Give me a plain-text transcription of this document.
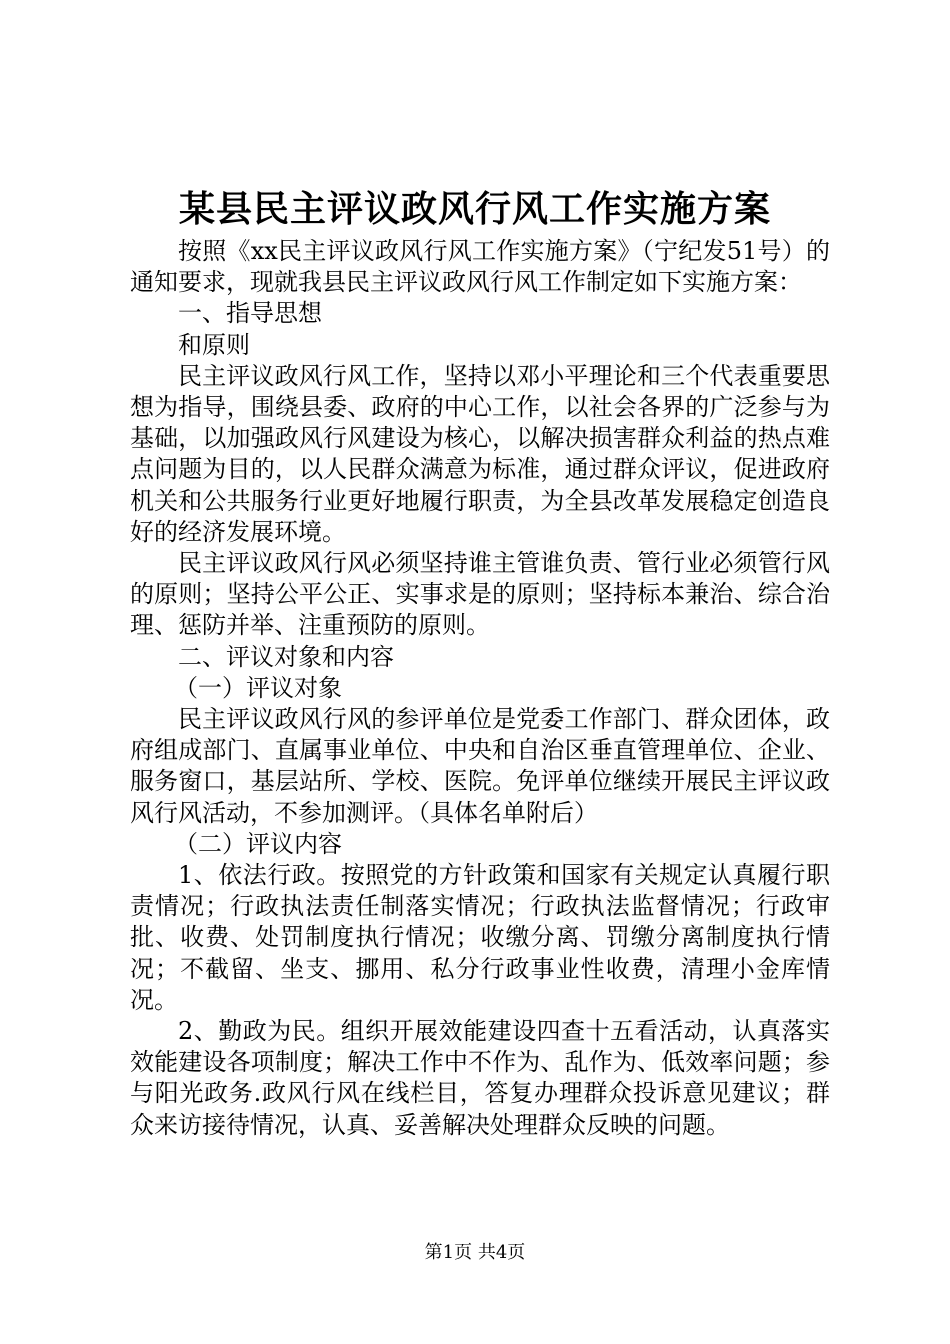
某县民主评议政风行风工作实施方案

按照《xx民主评议政风行风工作实施方案》（宁纪发51号）的通知要求，现就我县民主评议政风行风工作制定如下实施方案：

一、指导思想

和原则

民主评议政风行风工作，坚持以邓小平理论和三个代表重要思想为指导，围绕县委、政府的中心工作，以社会各界的广泛参与为基础，以加强政风行风建设为核心，以解决损害群众利益的热点难点问题为目的，以人民群众满意为标准，通过群众评议，促进政府机关和公共服务行业更好地履行职责，为全县改革发展稳定创造良好的经济发展环境。

民主评议政风行风必须坚持谁主管谁负责、管行业必须管行风的原则；坚持公平公正、实事求是的原则；坚持标本兼治、综合治理、惩防并举、注重预防的原则。

二、评议对象和内容

（一）评议对象

民主评议政风行风的参评单位是党委工作部门、群众团体，政府组成部门、直属事业单位、中央和自治区垂直管理单位、企业、服务窗口，基层站所、学校、医院。免评单位继续开展民主评议政风行风活动，不参加测评。（具体名单附后）

（二）评议内容

1、依法行政。按照党的方针政策和国家有关规定认真履行职责情况；行政执法责任制落实情况；行政执法监督情况；行政审批、收费、处罚制度执行情况；收缴分离、罚缴分离制度执行情况；不截留、坐支、挪用、私分行政事业性收费，清理小金库情况。

2、勤政为民。组织开展效能建设四查十五看活动，认真落实效能建设各项制度；解决工作中不作为、乱作为、低效率问题；参与阳光政务.政风行风在线栏目，答复办理群众投诉意见建议；群众来访接待情况，认真、妥善解决处理群众反映的问题。

第1页 共4页
